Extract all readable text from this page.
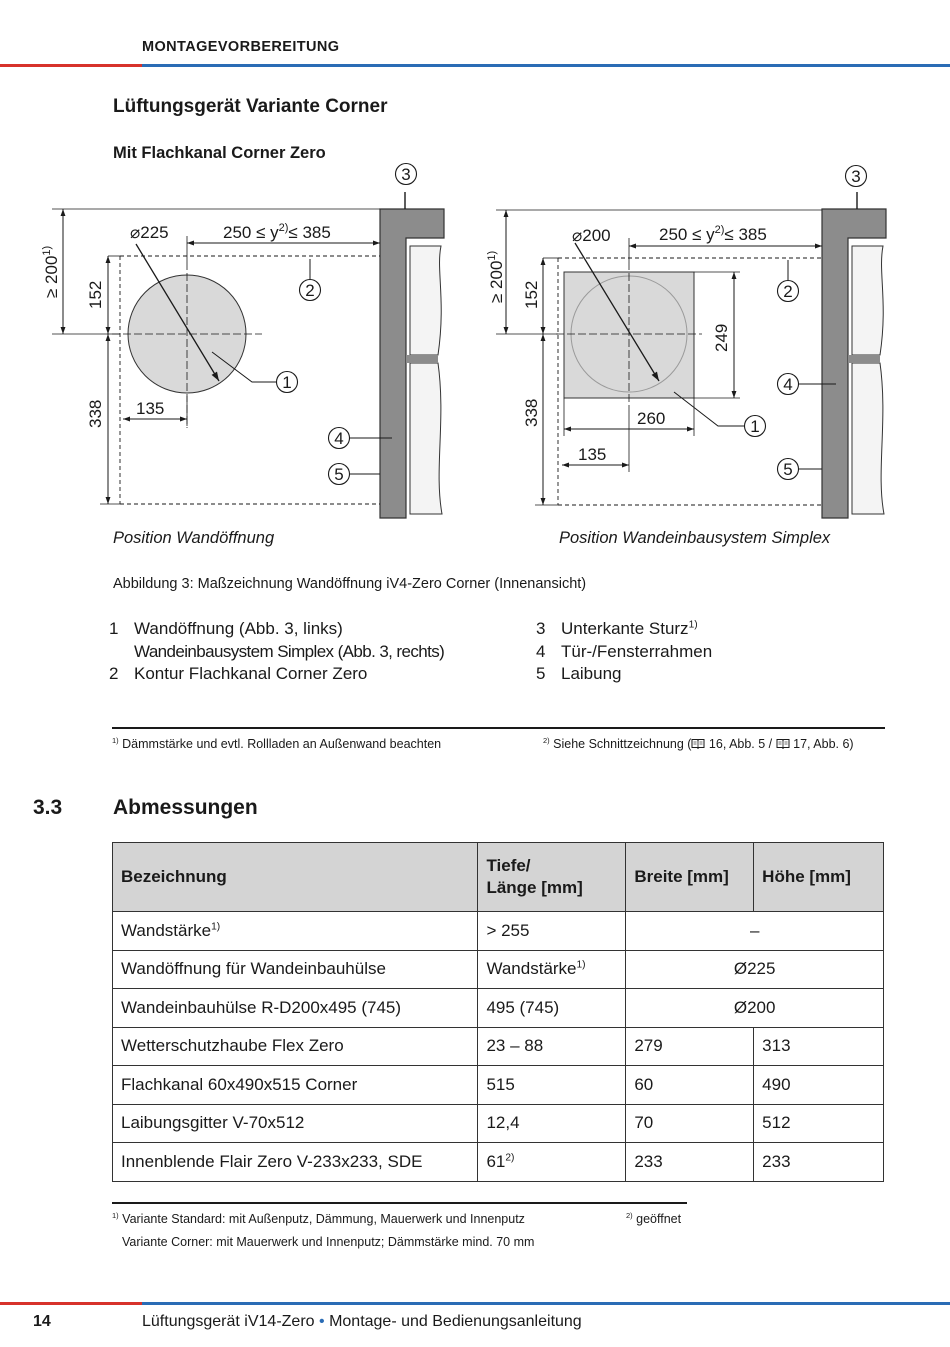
MONTAGEVORBEREITUNG
Lüftungsgerät Variante Corner
Mit Flachkanal Corner Zero
3
2
1
4
5
⌀225	$250 \le y^{2)}\le 385$
135
≥ $200^{1)}$
152
338
3
2
4
1
5
⌀200	$250 \le y^{2)}\le 385$
260
135
249
≥ $200^{1)}$
152
338
Position Wandöffnung	Position Wandeinbausystem Simplex
Abbildung 3: Maßzeichnung Wandöffnung iV4-Zero Corner (Innenansicht)
1 Wandöffnung (Abb. 3, links)
Wandeinbausystem Simplex (Abb. 3, rechts)
2 Kontur Flachkanal Corner Zero
3 Unterkante Sturz$^{1)}$
4 Tür-/Fensterrahmen
5 Laibung
$^{1)}$ Dämmstärke und evtl. Rollladen an Außenwand beachten	$^{2)}$ Siehe Schnittzeichnung ( 16, Abb. 5 /  17, Abb. 6)
3.3 Abmessungen
Bezeichnung	Tiefe/
Länge [mm]	Breite [mm]	Höhe [mm]
Wandstärke$^{1)}$	> 255	–	
Wandöffnung für Wandeinbauhülse	Wandstärke$^{1)}$	Ø225	
Wandeinbauhülse R-D200x495 (745)	495 (745)	Ø200	
Wetterschutzhaube Flex Zero	23 – 88	279	313
Flachkanal 60x490x515 Corner	515	60	490
Laibungsgitter V-70x512	12,4	70	512
Innenblende Flair Zero V-233x233, SDE	61$^{2)}$	233	233
$^{1)}$ Variante Standard: mit Außenputz, Dämmung, Mauerwerk und Innenputz
Variante Corner: mit Mauerwerk und Innenputz; Dämmstärke mind. 70 mm
$^{2)}$ geöffnet
14	Lüftungsgerät iV14-Zero • Montage- und Bedienungsanleitung
